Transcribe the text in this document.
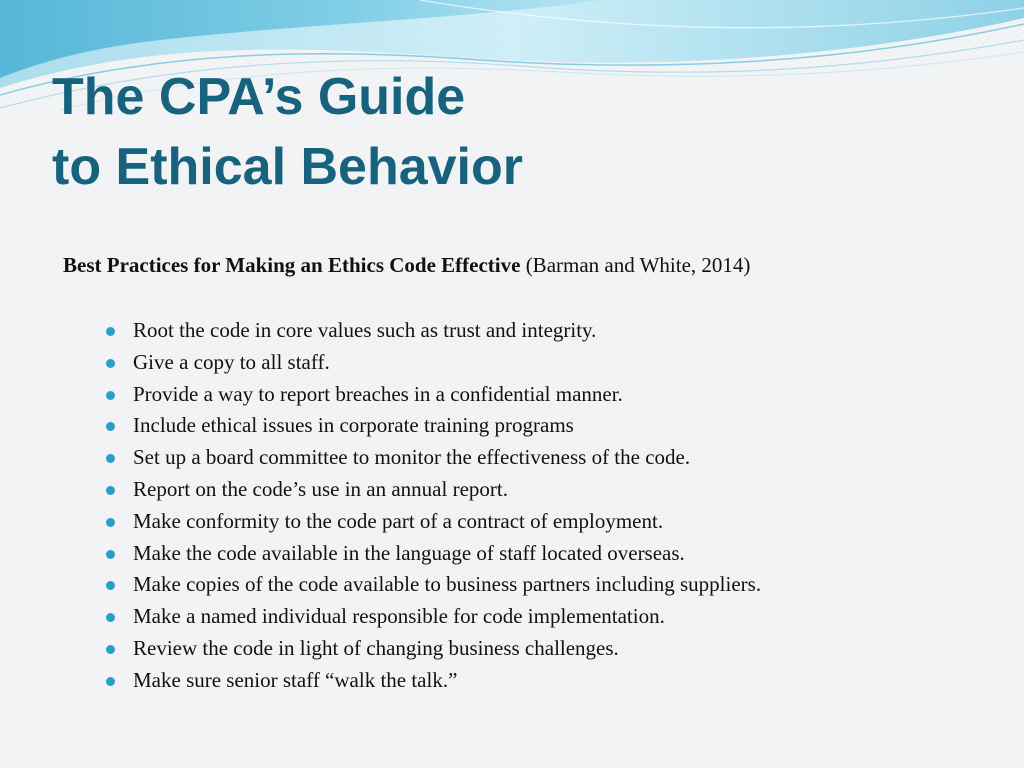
The CPA’s Guide
to Ethical Behavior
Best Practices for Making an Ethics Code Effective (Barman and White, 2014)
Root the code in core values such as trust and integrity.
Give a copy to all staff.
Provide a way to report breaches in a confidential manner.
Include ethical issues in corporate training programs
Set up a board committee to monitor the effectiveness of the code.
Report on the code’s use in an annual report.
Make conformity to the code part of a contract of employment.
Make the code available in the language of staff located overseas.
Make copies of the code available to business partners including suppliers.
Make a named individual responsible for code implementation.
Review the code in light of changing business challenges.
Make sure senior staff “walk the talk.”
